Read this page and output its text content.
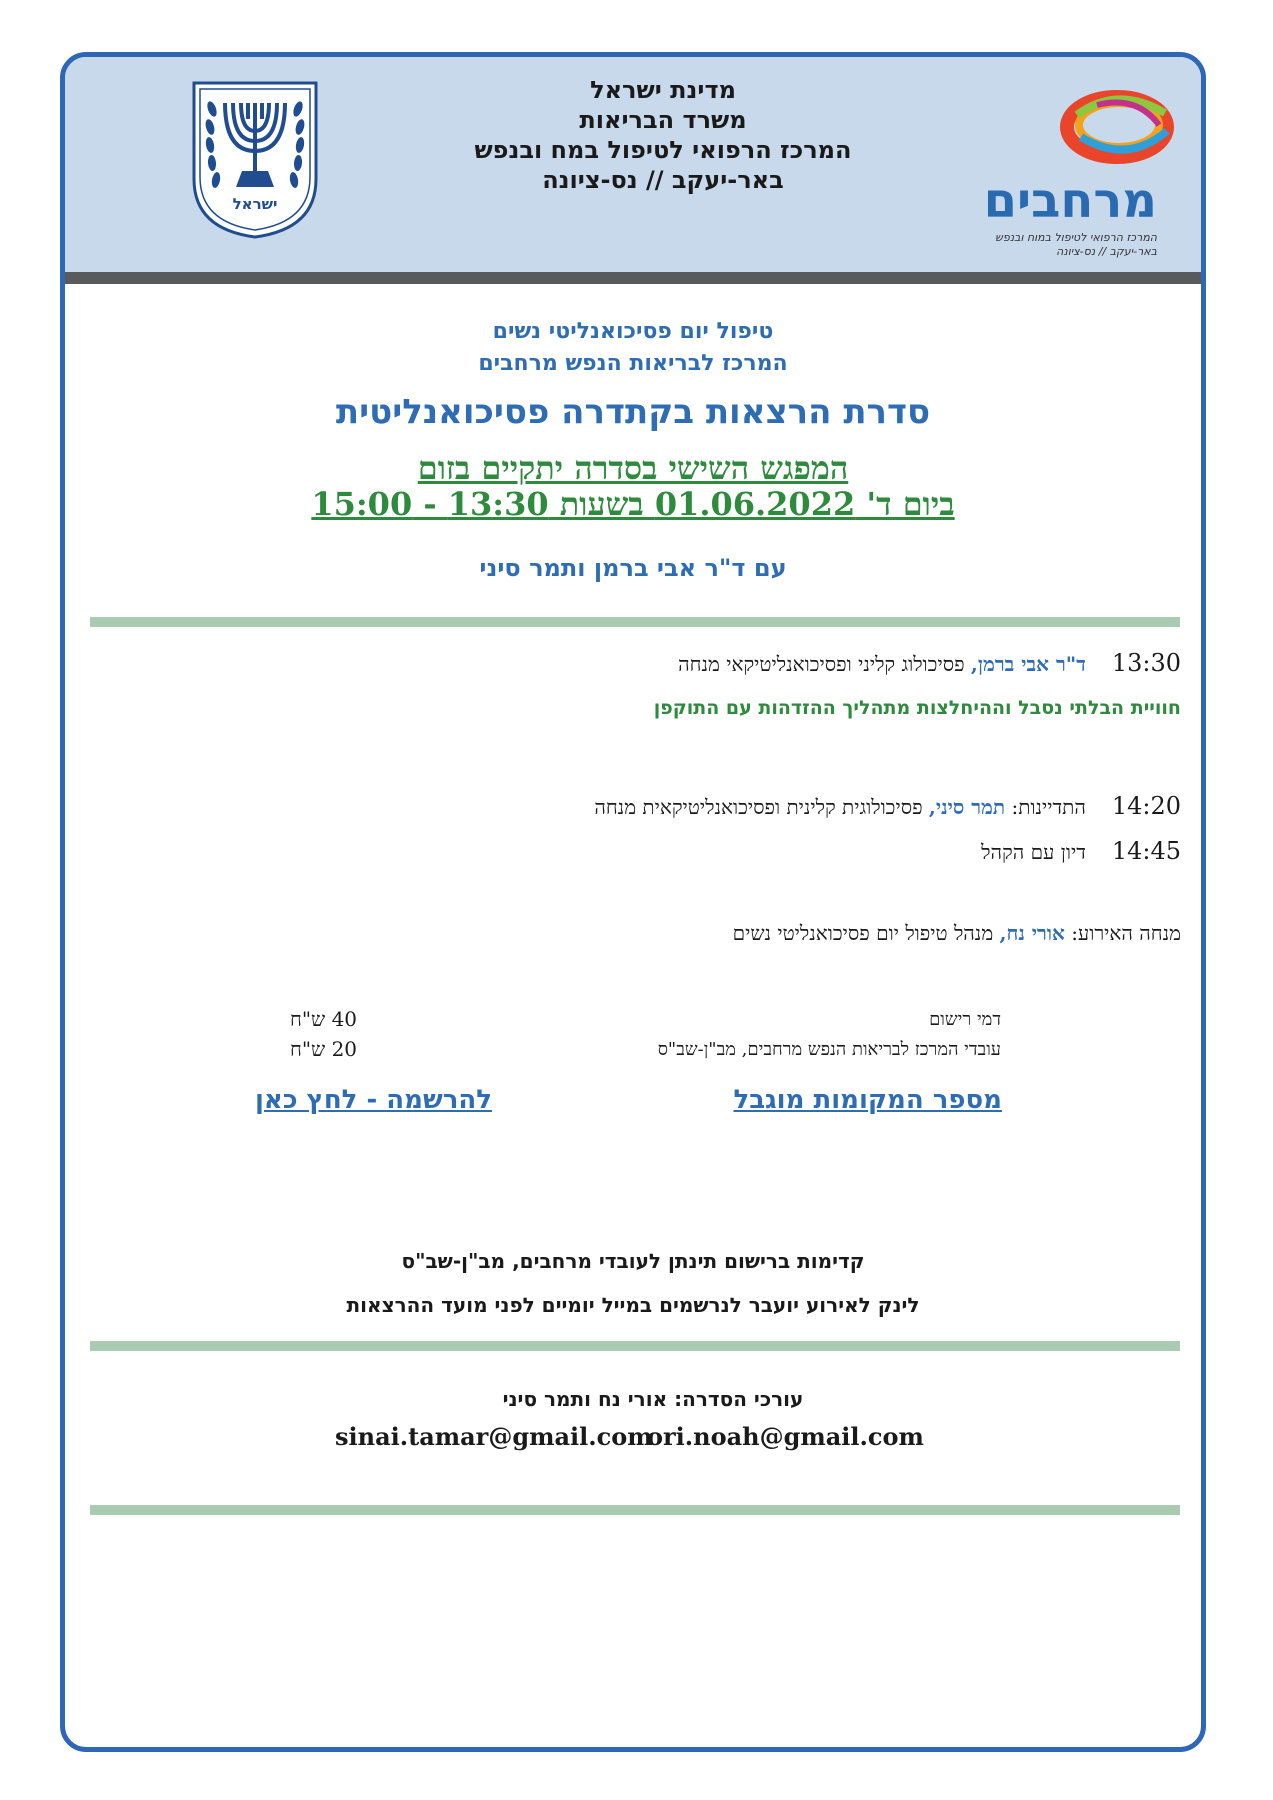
ישראל
מדינת ישראל
משרד הבריאות
המרכז הרפואי לטיפול במח ובנפש
באר-יעקב // נס-ציונה	מרחבים
המרכז הרפואי לטיפול במוח ובנפש
באר-יעקב // נס-ציונה
טיפול יום פסיכואנליטי נשים
המרכז לבריאות הנפש מרחבים
סדרת הרצאות בקתדרה פסיכואנליטית
המפגש השישי בסדרה יתקיים בזום
ביום ד' 01.06.2022 בשעות 13:30 - 15:00
עם ד"ר אבי ברמן ותמר סיני
13:30ד"ר אבי ברמן, פסיכולוג קליני ופסיכואנליטיקאי מנחה
חוויית הבלתי נסבל וההיחלצות מתהליך ההזדהות עם התוקפן
14:20התדיינות: תמר סיני, פסיכולוגית קלינית ופסיכואנליטיקאית מנחה
14:45דיון עם הקהל
מנחה האירוע: אורי נח, מנהל טיפול יום פסיכואנליטי נשים
דמי רישום
40 ש"ח
עובדי המרכז לבריאות הנפש מרחבים, מב"ן-שב"ס
20 ש"ח
מספר המקומות מוגבל
להרשמה - לחץ כאן
קדימות ברישום תינתן לעובדי מרחבים, מב"ן-שב"ס
לינק לאירוע יועבר לנרשמים במייל יומיים לפני מועד ההרצאות
עורכי הסדרה: אורי נח ותמר סיני
sinai.tamar@gmail.com
ori.noah@gmail.com
